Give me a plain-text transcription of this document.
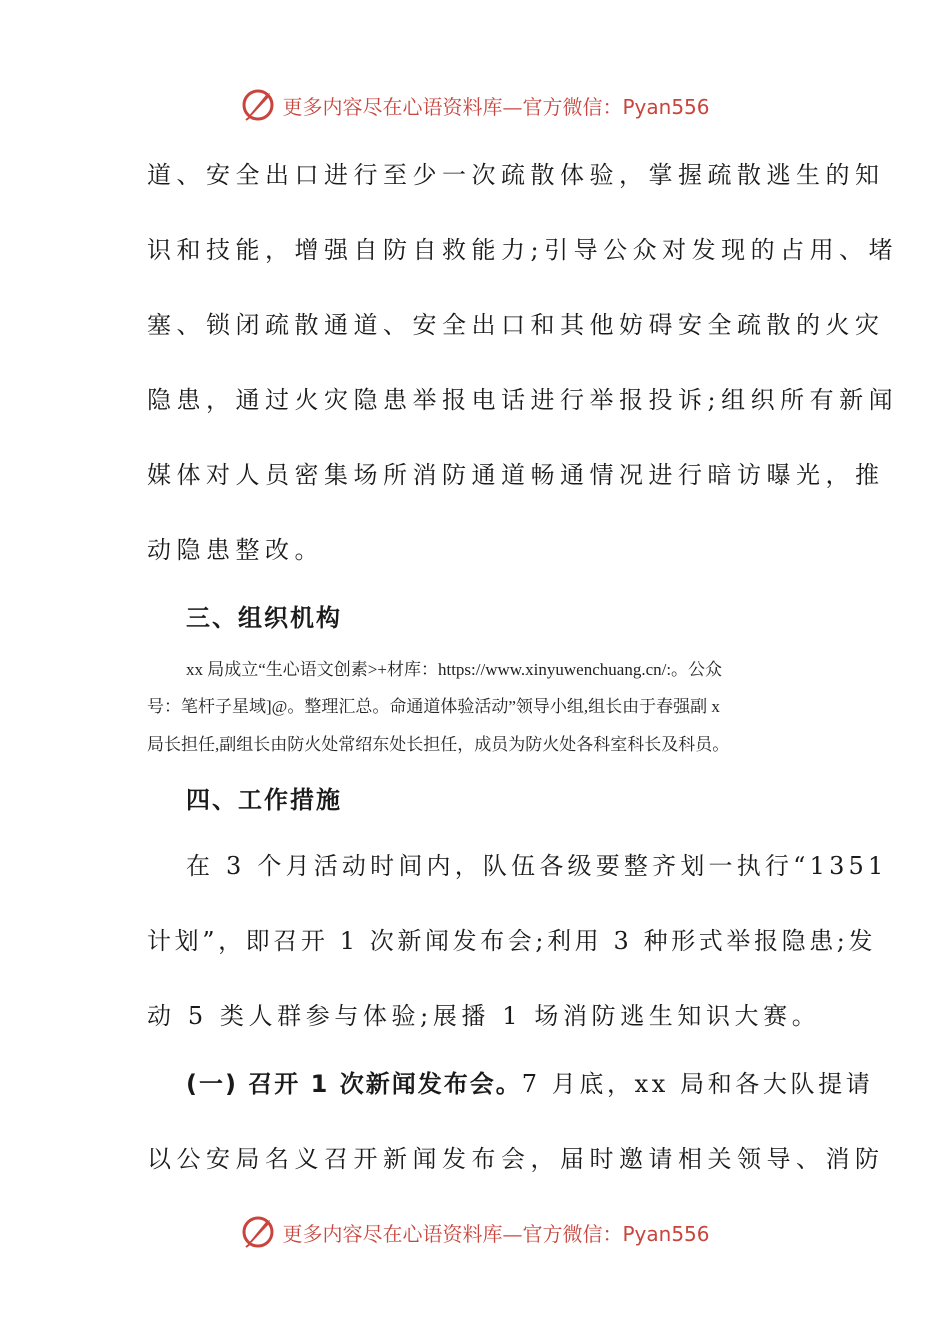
更多内容尽在心语资料库—官方微信：Pyan556
道、安全出口进行至少一次疏散体验，掌握疏散逃生的知
识和技能，增强自防自救能力;引导公众对发现的占用、堵
塞、锁闭疏散通道、安全出口和其他妨碍安全疏散的火灾
隐患，通过火灾隐患举报电话进行举报投诉;组织所有新闻
媒体对人员密集场所消防通道畅通情况进行暗访曝光，推
动隐患整改。
三、组织机构
xx 局成立“生心语文创素>+材库：https://www.xinyuwenchuang.cn/:。公众
号：笔杆子星域]@。整理汇总。命通道体验活动”领导小组,组长由于春强副 x
局长担任,副组长由防火处常绍东处长担任，成员为防火处各科室科长及科员。
四、工作措施
在 3 个月活动时间内，队伍各级要整齐划一执行“1351
计划”，即召开 1 次新闻发布会;利用 3 种形式举报隐患;发
动 5 类人群参与体验;展播 1 场消防逃生知识大赛。
(一) 召开 1 次新闻发布会。7 月底，xx 局和各大队提请
以公安局名义召开新闻发布会，届时邀请相关领导、消防
更多内容尽在心语资料库—官方微信：Pyan556
